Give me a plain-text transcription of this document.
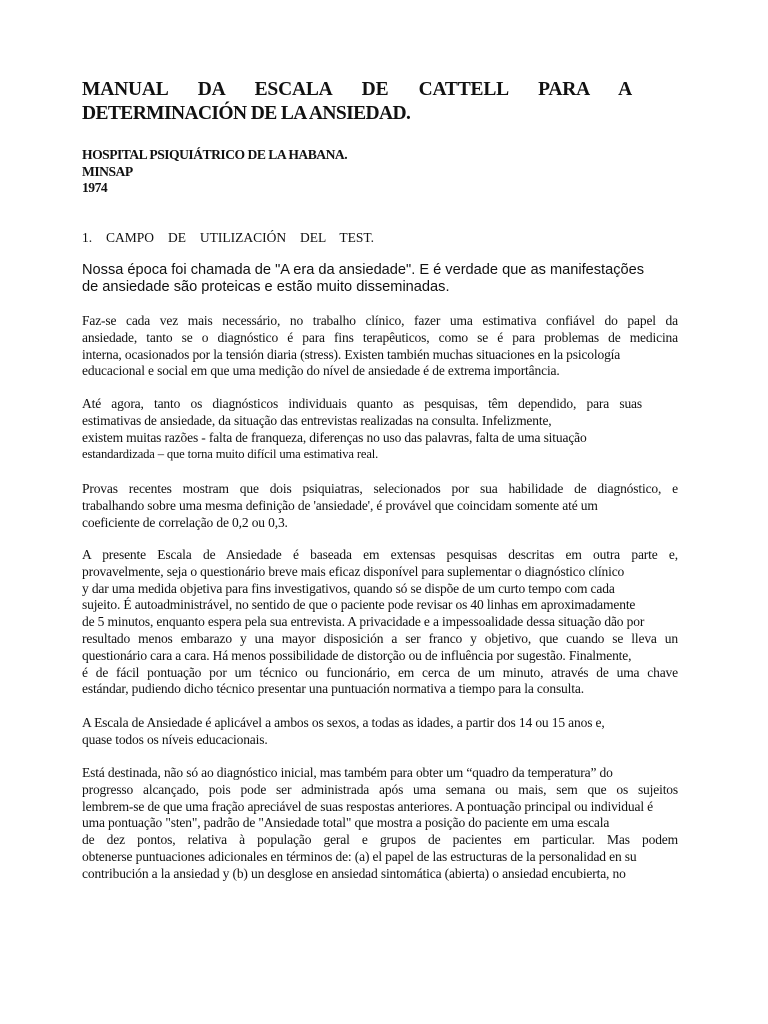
MANUAL DA ESCALA DE CATTELL PARA A
DETERMINACIÓN DE LA ANSIEDAD.
HOSPITAL PSIQUIÁTRICO DE LA HABANA.
MINSAP
1974
1. CAMPO DE UTILIZACIÓN DEL TEST.
Nossa época foi chamada de "A era da ansiedade". E é verdade que as manifestações
de ansiedade são proteicas e estão muito disseminadas.
Faz-se cada vez mais necessário, no trabalho clínico, fazer uma estimativa confiável do papel da
ansiedade, tanto se o diagnóstico é para fins terapêuticos, como se é para problemas de medicina
interna, ocasionados por la tensión diaria (stress). Existen también muchas situaciones en la psicología
educacional e social em que uma medição do nível de ansiedade é de extrema importância.
Até agora, tanto os diagnósticos individuais quanto as pesquisas, têm dependido, para suas
estimativas de ansiedade, da situação das entrevistas realizadas na consulta. Infelizmente,
existem muitas razões - falta de franqueza, diferenças no uso das palavras, falta de uma situação
estandardizada – que torna muito difícil uma estimativa real.
Provas recentes mostram que dois psiquiatras, selecionados por sua habilidade de diagnóstico, e
trabalhando sobre uma mesma definição de 'ansiedade', é provável que coincidam somente até um
coeficiente de correlação de 0,2 ou 0,3.
A presente Escala de Ansiedade é baseada em extensas pesquisas descritas em outra parte e,
provavelmente, seja o questionário breve mais eficaz disponível para suplementar o diagnóstico clínico
y dar uma medida objetiva para fins investigativos, quando só se dispõe de um curto tempo com cada
sujeito. É autoadministrável, no sentido de que o paciente pode revisar os 40 linhas em aproximadamente
de 5 minutos, enquanto espera pela sua entrevista. A privacidade e a impessoalidade dessa situação dão por
resultado menos embarazo y una mayor disposición a ser franco y objetivo, que cuando se lleva un
questionário cara a cara. Há menos possibilidade de distorção ou de influência por sugestão. Finalmente,
é de fácil pontuação por um técnico ou funcionário, em cerca de um minuto, através de uma chave
estándar, pudiendo dicho técnico presentar una puntuación normativa a tiempo para la consulta.
A Escala de Ansiedade é aplicável a ambos os sexos, a todas as idades, a partir dos 14 ou 15 anos e,
quase todos os níveis educacionais.
Está destinada, não só ao diagnóstico inicial, mas também para obter um “quadro da temperatura” do
progresso alcançado, pois pode ser administrada após uma semana ou mais, sem que os sujeitos
lembrem-se de que uma fração apreciável de suas respostas anteriores. A pontuação principal ou individual é
uma pontuação "sten", padrão de "Ansiedade total" que mostra a posição do paciente em uma escala
de dez pontos, relativa à população geral e grupos de pacientes em particular. Mas podem
obtenerse puntuaciones adicionales en términos de: (a) el papel de las estructuras de la personalidad en su
contribución a la ansiedad y (b) un desglose en ansiedad sintomática (abierta) o ansiedad encubierta, no
